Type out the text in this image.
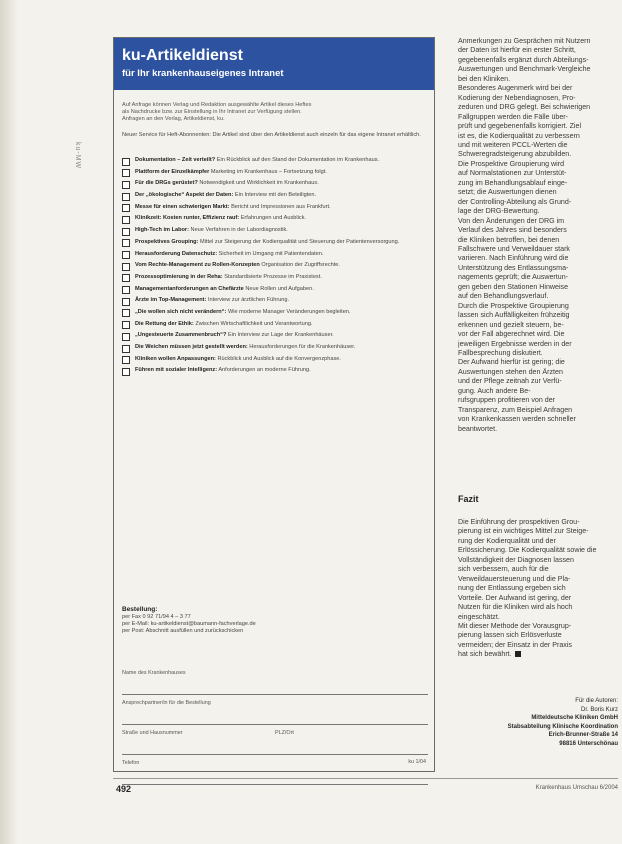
ku-MW
ku-Artikeldienst
für Ihr krankenhauseigenes Intranet

Auf Anfrage können Verlag und Redaktion ausgewählte Artikel dieses Heftes

als Nachdrucke bzw. zur Einstellung in Ihr Intranet zur Verfügung stellen.

Anfragen an den Verlag, Artikeldienst, ku.

Neuer Service für Heft-Abonnenten: Die Artikel sind über den Artikeldienst auch einzeln für das eigene Intranet erhältlich.
Dokumentation – Zeit verteilt? Ein Rückblick auf den Stand der Dokumentation im Krankenhaus.
Plattform der Einzelkämpfer Marketing im Krankenhaus – Fortsetzung folgt.
Für die DRGs gerüstet? Notwendigkeit und Wirklichkeit im Krankenhaus.
Der „ökologische“ Aspekt der Daten: Ein Interview mit den Beteiligten.
Messe für einen schwierigen Markt: Bericht und Impressionen aus Frankfurt.
Klinikzeit: Kosten runter, Effizienz rauf: Erfahrungen und Ausblick.
High-Tech im Labor: Neue Verfahren in der Labordiagnostik.
Prospektives Grouping: Mittel zur Steigerung der Kodierqualität und Steuerung der Patientenversorgung.
Herausforderung Datenschutz: Sicherheit im Umgang mit Patientendaten.
Vom Rechte-Management zu Rollen-Konzepten Organisation der Zugriffsrechte.
Prozessoptimierung in der Reha: Standardisierte Prozesse im Praxistest.
Managementanforderungen an Chefärzte Neue Rollen und Aufgaben.
Ärzte im Top-Management: Interview zur ärztlichen Führung.
„Die wollen sich nicht verändern“: Wie moderne Manager Veränderungen begleiten.
Die Rettung der Ethik: Zwischen Wirtschaftlichkeit und Verantwortung.
„Ungesteuerte Zusammenbruch“? Ein Interview zur Lage der Krankenhäuser.
Die Weichen müssen jetzt gestellt werden: Herausforderungen für die Krankenhäuser.
Kliniken wollen Anpassungen: Rückblick und Ausblick auf die Konvergenzphase.
Führen mit sozialer Intelligenz: Anforderungen an moderne Führung.
Bestellung:
per Fax 0 92 71/94 4 – 3 77
per E-Mail: ku-artikeldienst@baumann-fachverlage.de
per Post: Abschnitt ausfüllen und zurückschicken
Name des Krankenhauses
Ansprechpartner/in für die Bestellung
Straße und Hausnummer	PLZ/Ort
Telefon	ku 1/04

Anmerkungen zu Gesprächen mit Nutzern

der Daten ist hierfür ein erster Schritt,

gegebenenfalls ergänzt durch Abteilungs-

Auswertungen und Benchmark-Vergleiche

bei den Kliniken.

Besonderes Augenmerk wird bei der

Kodierung der Nebendiagnosen, Pro-

zeduren und DRG gelegt. Bei schwierigen

Fallgruppen werden die Fälle über-

prüft und gegebenenfalls korrigiert. Ziel

ist es, die Kodierqualität zu verbessern

und mit weiteren PCCL-Werten die

Schweregradsteigerung abzubilden.

Die Prospektive Groupierung wird

auf Normalstationen zur Unterstüt-

zung im Behandlungsablauf einge-

setzt; die Auswertungen dienen

der Controlling-Abteilung als Grund-

lage der DRG-Bewertung.

Von den Änderungen der DRG im

Verlauf des Jahres sind besonders

die Kliniken betroffen, bei denen

Fallschwere und Verweildauer stark

variieren. Nach Einführung wird die

Unterstützung des Entlassungsma-

nagements geprüft; die Auswertun-

gen geben den Stationen Hinweise

auf den Behandlungsverlauf.

Durch die Prospektive Groupierung

lassen sich Auffälligkeiten frühzeitig

erkennen und gezielt steuern, be-

vor der Fall abgerechnet wird. Die

jeweiligen Ergebnisse werden in der

Fallbesprechung diskutiert.

Der Aufwand hierfür ist gering; die

Auswertungen stehen den Ärzten

und der Pflege zeitnah zur Verfü-

gung. Auch andere Be-

rufsgruppen profitieren von der

Transparenz, zum Beispiel Anfragen

von Krankenkassen werden schneller

beantwortet.

Fazit

Die Einführung der prospektiven Grou-

pierung ist ein wichtiges Mittel zur Steige-

rung der Kodierqualität und der

Erlössicherung. Die Kodierqualität sowie die

Vollständigkeit der Diagnosen lassen

sich verbessern, auch für die

Verweildauersteuerung und die Pla-

nung der Entlassung ergeben sich

Vorteile. Der Aufwand ist gering, der

Nutzen für die Kliniken wird als hoch

eingeschätzt.

Mit dieser Methode der Vorausgrup-

pierung lassen sich Erlösverluste

vermeiden; der Einsatz in der Praxis

hat sich bewährt.

Für die Autoren:

Dr. Boris Kurz

Mitteldeutsche Kliniken GmbH

Stabsabteilung Klinische Koordination

Erich-Brunner-Straße 14

98816 Unterschönau

492	Krankenhaus Umschau 6/2004
